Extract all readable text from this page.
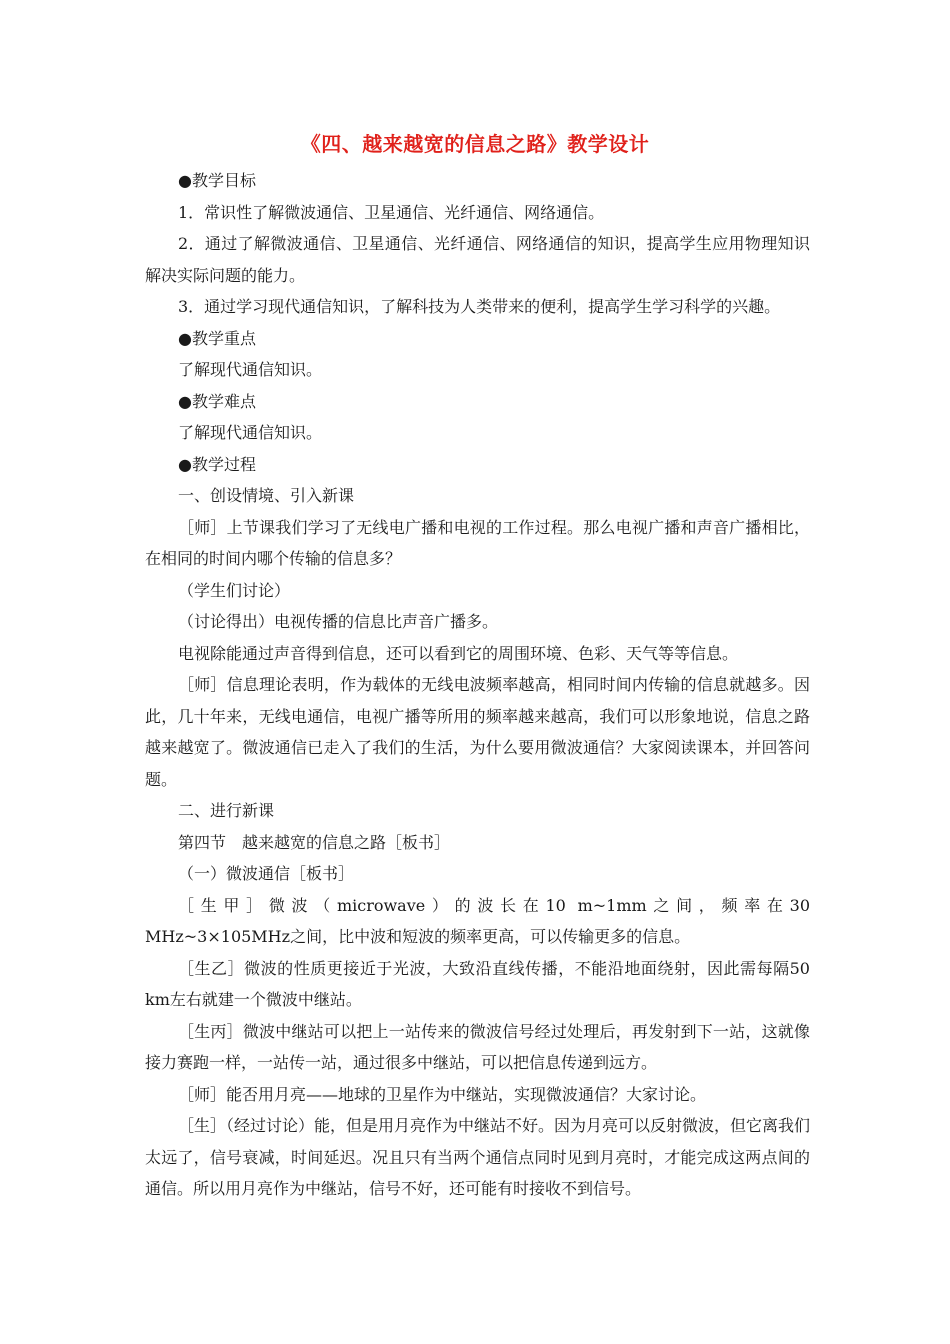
《四、越来越宽的信息之路》教学设计

●教学目标

1．常识性了解微波通信、卫星通信、光纤通信、网络通信。

2．通过了解微波通信、卫星通信、光纤通信、网络通信的知识，提高学生应用物理知识解决实际问题的能力。

3．通过学习现代通信知识，了解科技为人类带来的便利，提高学生学习科学的兴趣。

●教学重点

了解现代通信知识。

●教学难点

了解现代通信知识。

●教学过程

一、创设情境、引入新课

［师］上节课我们学习了无线电广播和电视的工作过程。那么电视广播和声音广播相比，在相同的时间内哪个传输的信息多？

（学生们讨论）

（讨论得出）电视传播的信息比声音广播多。

电视除能通过声音得到信息，还可以看到它的周围环境、色彩、天气等等信息。

［师］信息理论表明，作为载体的无线电波频率越高，相同时间内传输的信息就越多。因此，几十年来，无线电通信，电视广播等所用的频率越来越高，我们可以形象地说，信息之路越来越宽了。微波通信已走入了我们的生活，为什么要用微波通信？大家阅读课本，并回答问题。

二、进行新课

第四节　越来越宽的信息之路［板书］

（一）微波通信［板书］

［生甲］微波（microwave）的波长在10 m~1mm之间，频率在30 MHz~3×105MHz之间，比中波和短波的频率更高，可以传输更多的信息。

［生乙］微波的性质更接近于光波，大致沿直线传播，不能沿地面绕射，因此需每隔50 km左右就建一个微波中继站。

［生丙］微波中继站可以把上一站传来的微波信号经过处理后，再发射到下一站，这就像接力赛跑一样，一站传一站，通过很多中继站，可以把信息传递到远方。

［师］能否用月亮——地球的卫星作为中继站，实现微波通信？大家讨论。

［生］（经过讨论）能，但是用月亮作为中继站不好。因为月亮可以反射微波，但它离我们太远了，信号衰减，时间延迟。况且只有当两个通信点同时见到月亮时，才能完成这两点间的通信。所以用月亮作为中继站，信号不好，还可能有时接收不到信号。
